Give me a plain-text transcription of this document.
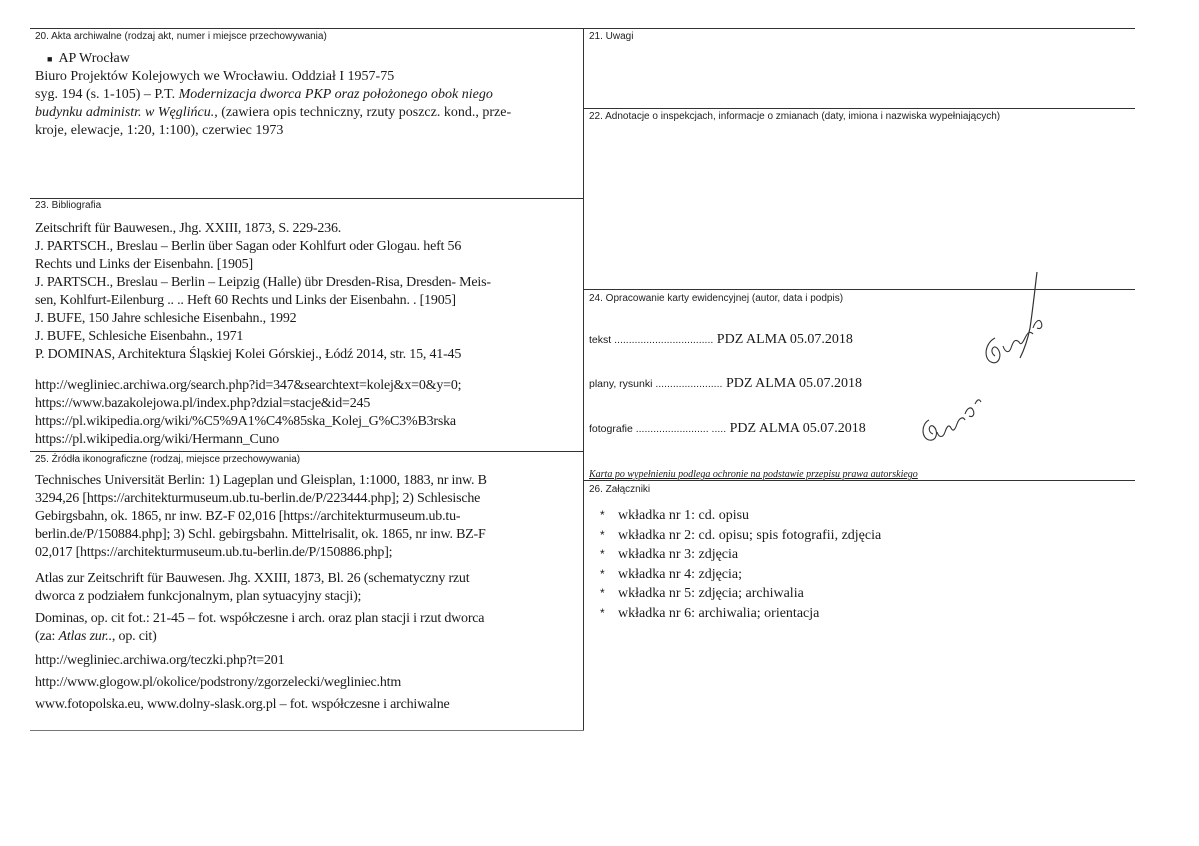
20. Akta archiwalne (rodzaj akt, numer i miejsce przechowywania)
■ AP Wrocław
Biuro Projektów Kolejowych we Wrocławiu. Oddział I 1957-75
syg. 194 (s. 1-105) – P.T. Modernizacja dworca PKP oraz położonego obok niego
budynku administr. w Węglińcu., (zawiera opis techniczny, rzuty poszcz. kond., prze-
kroje, elewacje, 1:20, 1:100), czerwiec 1973
21. Uwagi
22. Adnotacje o inspekcjach, informacje o zmianach (daty, imiona i nazwiska wypełniających)
23. Bibliografia

Zeitschrift für Bauwesen., Jhg. XXIII, 1873, S. 229-236.

J. PARTSCH., Breslau – Berlin über Sagan oder Kohlfurt oder Glogau. heft 56

Rechts und Links der Eisenbahn. [1905]

J. PARTSCH., Breslau – Berlin – Leipzig (Halle) übr Dresden-Risa, Dresden- Meis-

sen, Kohlfurt-Eilenburg .. .. Heft 60 Rechts und Links der Eisenbahn. . [1905]

J. BUFE, 150 Jahre schlesiche Eisenbahn., 1992

J. BUFE, Schlesiche Eisenbahn., 1971

P. DOMINAS, Architektura Śląskiej Kolei Górskiej., Łódź 2014, str. 15, 41-45

http://wegliniec.archiwa.org/search.php?id=347&searchtext=kolej&x=0&y=0;

https://www.bazakolejowa.pl/index.php?dzial=stacje&id=245

https://pl.wikipedia.org/wiki/%C5%9A1%C4%85ska_Kolej_G%C3%B3rska

https://pl.wikipedia.org/wiki/Hermann_Cuno

24. Opracowanie karty ewidencyjnej (autor, data i podpis)
tekst .................................. PDZ ALMA 05.07.2018
plany, rysunki ....................... PDZ ALMA 05.07.2018
fotografie ......................... ..... PDZ ALMA 05.07.2018
Karta po wypełnieniu podlega ochronie na podstawie przepisu prawa autorskiego
25. Źródła ikonograficzne (rodzaj, miejsce przechowywania)

Technisches Universität Berlin: 1) Lageplan und Gleisplan, 1:1000, 1883, nr inw. B

3294,26 [https://architekturmuseum.ub.tu-berlin.de/P/223444.php]; 2) Schlesische

Gebirgsbahn, ok. 1865, nr inw. BZ-F 02,016 [https://architekturmuseum.ub.tu-

berlin.de/P/150884.php]; 3) Schl. gebirgsbahn. Mittelrisalit, ok. 1865, nr inw. BZ-F

02,017 [https://architekturmuseum.ub.tu-berlin.de/P/150886.php];

Atlas zur Zeitschrift für Bauwesen. Jhg. XXIII, 1873, Bl. 26 (schematyczny rzut

dworca z podziałem funkcjonalnym, plan sytuacyjny stacji);

Dominas, op. cit fot.: 21-45 – fot. współczesne i arch. oraz plan stacji i rzut dworca

(za: Atlas zur.., op. cit)

http://wegliniec.archiwa.org/teczki.php?t=201
http://www.glogow.pl/okolice/podstrony/zgorzelecki/wegliniec.htm
www.fotopolska.eu, www.dolny-slask.org.pl – fot. współczesne i archiwalne
26. Załączniki

* wkładka nr 1: cd. opisu

* wkładka nr 2: cd. opisu; spis fotografii, zdjęcia

* wkładka nr 3: zdjęcia

* wkładka nr 4: zdjęcia;

* wkładka nr 5: zdjęcia; archiwalia

* wkładka nr 6: archiwalia; orientacja
